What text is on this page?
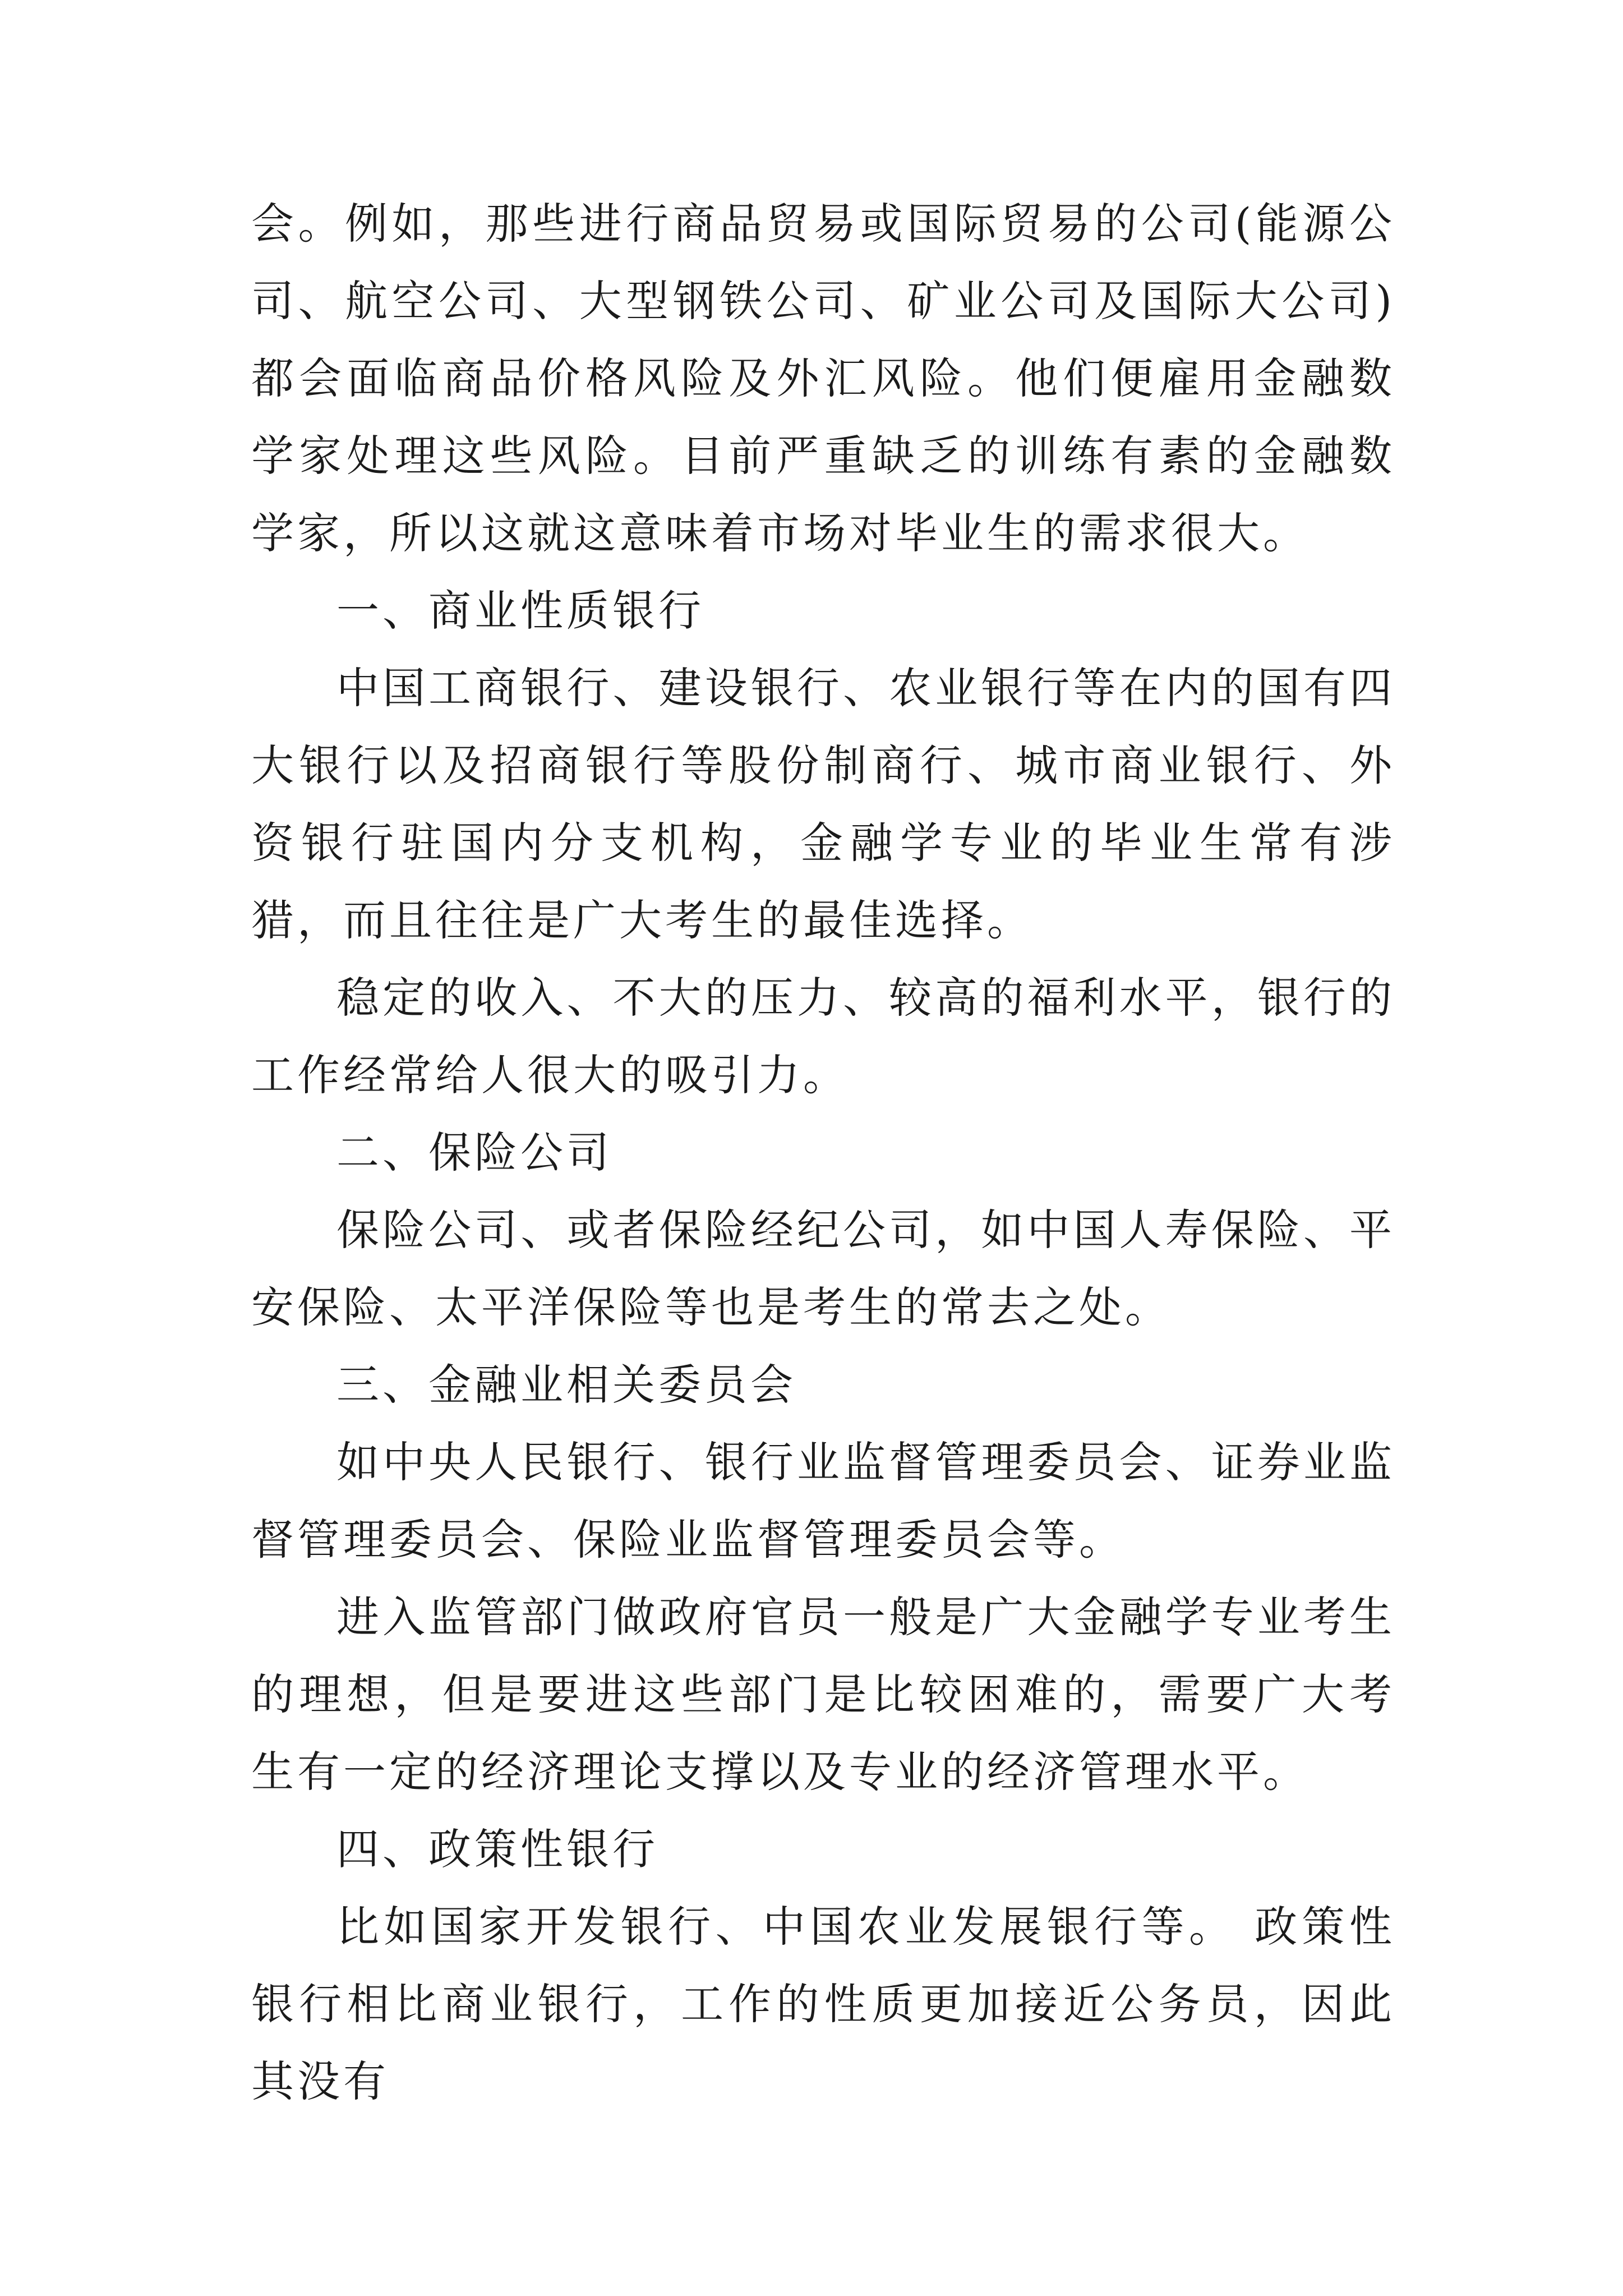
会。例如，那些进行商品贸易或国际贸易的公司(能源公司、航空公司、大型钢铁公司、矿业公司及国际大公司)都会面临商品价格风险及外汇风险。他们便雇用金融数学家处理这些风险。目前严重缺乏的训练有素的金融数学家，所以这就这意味着市场对毕业生的需求很大。

一、商业性质银行

中国工商银行、建设银行、农业银行等在内的国有四大银行以及招商银行等股份制商行、城市商业银行、外资银行驻国内分支机构，金融学专业的毕业生常有涉猎，而且往往是广大考生的最佳选择。

稳定的收入、不大的压力、较高的福利水平，银行的工作经常给人很大的吸引力。

二、保险公司

保险公司、或者保险经纪公司，如中国人寿保险、平安保险、太平洋保险等也是考生的常去之处。

三、金融业相关委员会

如中央人民银行、银行业监督管理委员会、证券业监督管理委员会、保险业监督管理委员会等。

进入监管部门做政府官员一般是广大金融学专业考生的理想，但是要进这些部门是比较困难的，需要广大考生有一定的经济理论支撑以及专业的经济管理水平。

四、政策性银行

比如国家开发银行、中国农业发展银行等。 政策性银行相比商业银行，工作的性质更加接近公务员，因此其没有
